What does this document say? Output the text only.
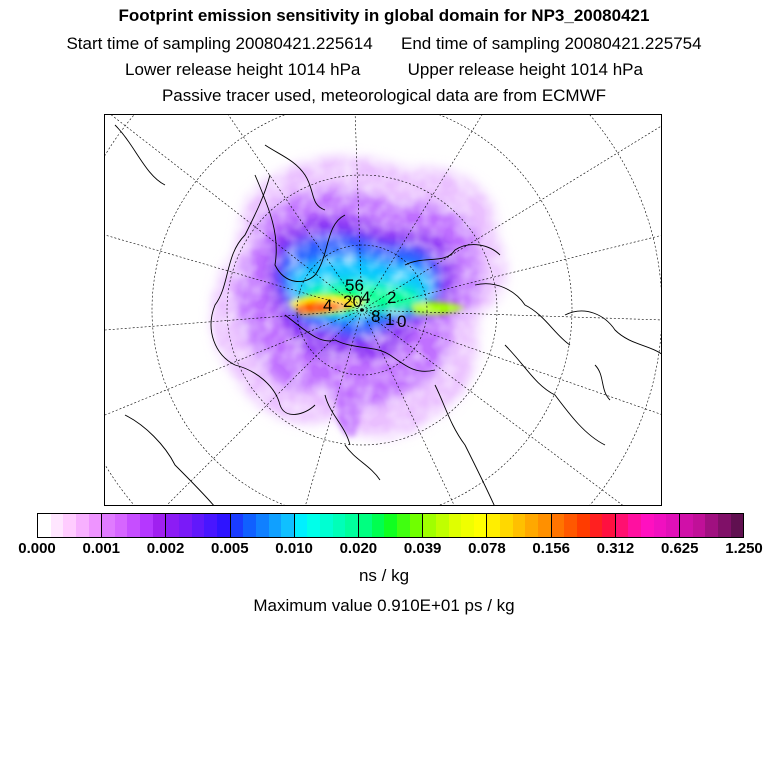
Footprint emission sensitivity in global domain for NP3_20080421
Start time of sampling 20080421.225614 End time of sampling 20080421.225754
Lower release height 1014 hPa	Upper release height 1014 hPa
Passive tracer used, meteorological data are from ECMWF
56
4 20 4 2
8 1 0
0.000 0.001 0.002 0.005 0.010 0.020 0.039 0.078 0.156 0.312 0.625 1.250
ns / kg
Maximum value 0.910E+01 ps / kg
